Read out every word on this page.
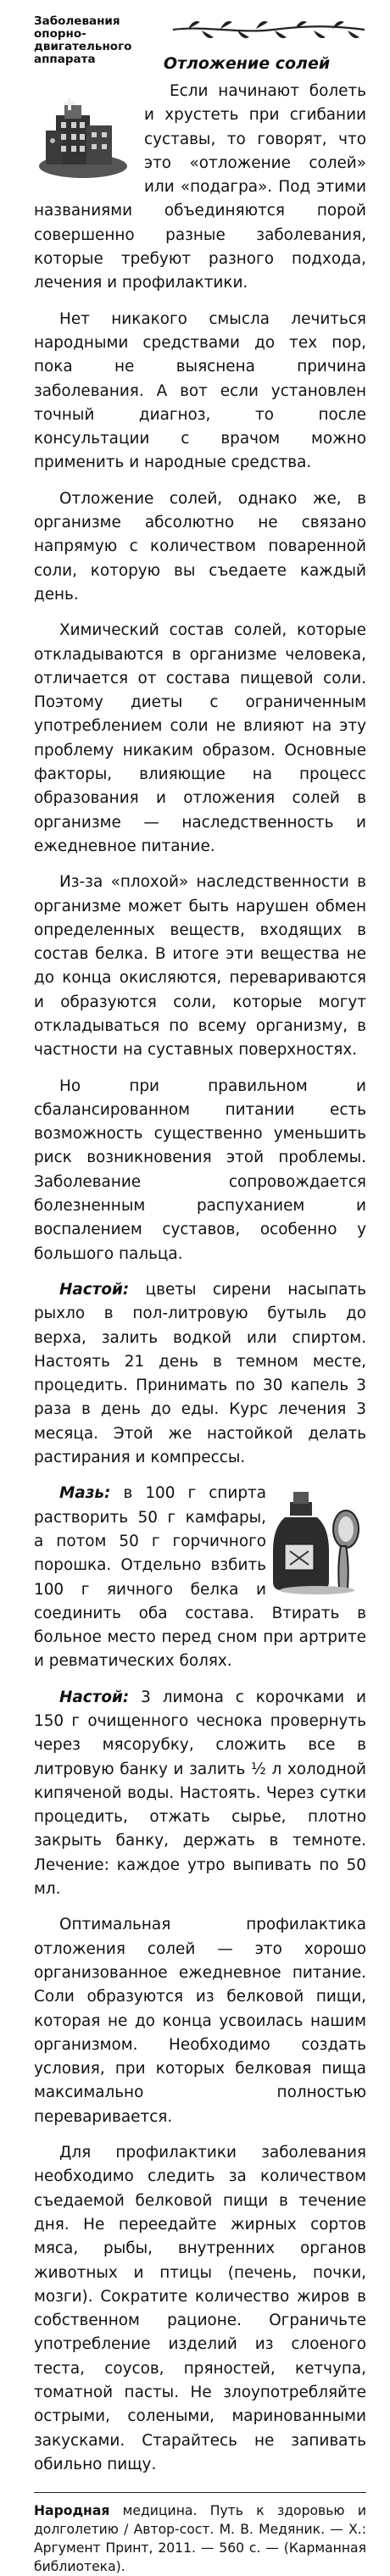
Заболевания опорно-
двигательного аппарата	Отложение солей

Если начинают болеть и хрустеть при сгибании суставы, то говорят, что это «отложение солей» или «подагра». Под этими названиями объединяются порой совершенно разные заболевания, которые требуют разного подхода, лечения и профилактики.

Нет никакого смысла лечиться народными средствами до тех пор, пока не выяснена причина заболевания. А вот если установлен точный диагноз, то после консультации с врачом можно применить и народные средства.

Отложение солей, однако же, в организме абсолютно не связано напрямую с количеством поваренной соли, которую вы съедаете каждый день.

Химический состав солей, которые откладываются в организме человека, отличается от состава пищевой соли. Поэтому диеты с ограниченным употреблением соли не влияют на эту проблему никаким образом. Основные факторы, влияющие на процесс образования и отложения солей в организме — наследственность и ежедневное питание.

Из-за «плохой» наследственности в организме может быть нарушен обмен определенных веществ, входящих в состав белка. В итоге эти вещества не до конца окисляются, перевариваются и образуются соли, которые могут откладываться по всему организму, в частности на суставных поверхностях.

Но при правильном и сбалансированном питании есть возможность существенно уменьшить риск возникновения этой проблемы. Заболевание сопровождается болезненным распуханием и воспалением суставов, особенно у большого пальца.

Настой: цветы сирени насыпать рыхло в пол-литровую бутыль до верха, залить водкой или спиртом. Настоять 21 день в темном месте, процедить. Принимать по 30 капель 3 раза в день до еды. Курс лечения 3 месяца. Этой же настойкой делать растирания и компрессы.

Мазь: в 100 г спирта растворить 50 г камфары, а потом 50 г горчичного порошка. Отдельно взбить 100 г яичного белка и соединить оба состава. Втирать в больное место перед сном при артрите и ревматических болях.

Настой: 3 лимона с корочками и 150 г очищенного чеснока провернуть через мясорубку, сложить все в литровую банку и залить ½ л холодной кипяченой воды. Настоять. Через сутки процедить, отжать сырье, плотно закрыть банку, держать в темноте. Лечение: каждое утро выпивать по 50 мл.

Оптимальная профилактика отложения солей — это хорошо организованное ежедневное питание. Соли образуются из белковой пищи, которая не до конца усвоилась нашим организмом. Необходимо создать условия, при которых белковая пища максимально полностью переваривается.

Для профилактики заболевания необходимо следить за количеством съедаемой белковой пищи в течение дня. Не переедайте жирных сортов мяса, рыбы, внутренних органов животных и птицы (печень, почки, мозги). Сократите количество жиров в собственном рационе. Ограничьте употребление изделий из слоеного теста, соусов, пряностей, кетчупа, томатной пасты. Не злоупотребляйте острыми, солеными, маринованными закусками. Старайтесь не запивать обильно пищу.

Народная медицина. Путь к здоровью и долголетию / Автор-сост. М. В. Медяник. — Х.: Аргумент Принт, 2011. — 560 с. — (Карманная библиотека).
